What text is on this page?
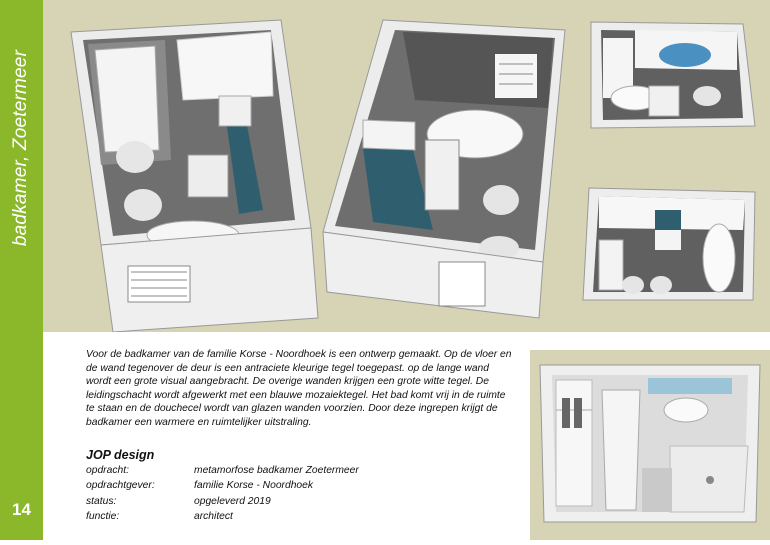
badkamer, Zoetermeer
14
Voor de badkamer van de familie Korse - Noordhoek is een ontwerp gemaakt. Op de vloer en de wand tegenover de deur is een antraciete kleurige tegel toegepast. op de lange wand wordt een grote visual aangebracht. De overige wanden krijgen een grote witte tegel. De leidingschacht wordt afgewerkt met een blauwe mozaiektegel. Het bad komt vrij in de ruimte te staan en de douchecel wordt van glazen wanden voorzien. Door deze ingrepen krijgt de badkamer een warmere en ruimtelijker uitstraling.
JOP design
opdracht:	metamorfose badkamer Zoetermeer
opdrachtgever:	familie Korse - Noordhoek
status:	opgeleverd 2019
functie:	architect
